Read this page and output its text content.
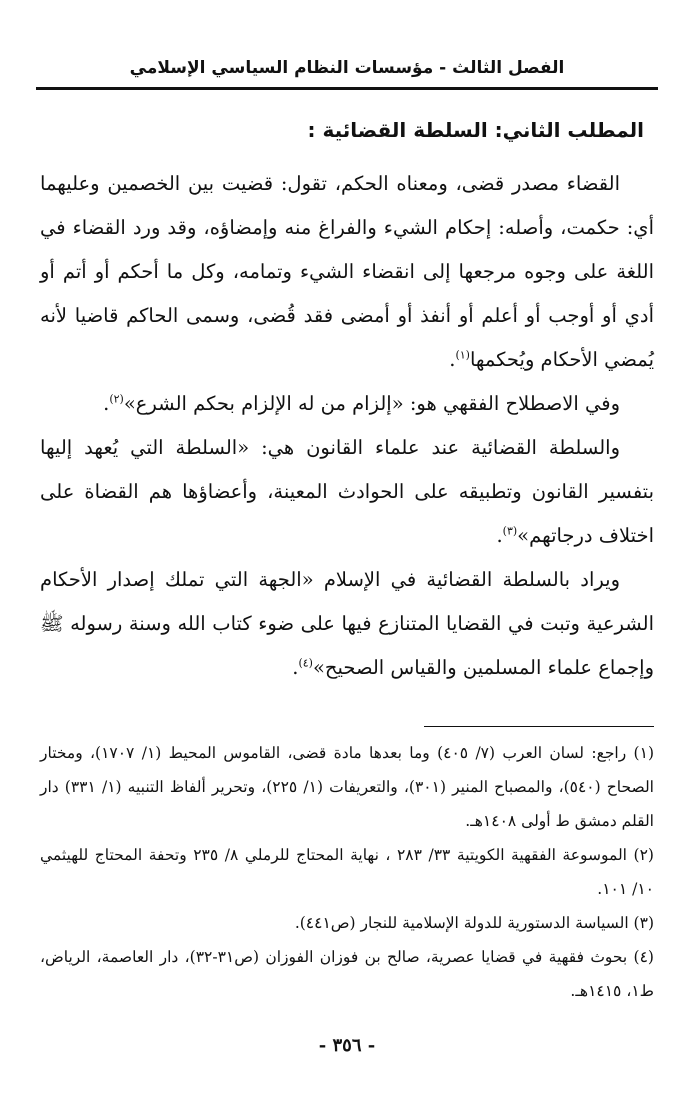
الفصل الثالث - مؤسسات النظام السياسي الإسلامي
المطلب الثاني: السلطة القضائية :

القضاء مصدر قضى، ومعناه الحكم، تقول: قضيت بين الخصمين وعليهما أي: حكمت، وأصله: إحكام الشيء والفراغ منه وإمضاؤه، وقد ورد القضاء في اللغة على وجوه مرجعها إلى انقضاء الشيء وتمامه، وكل ما أحكم أو أتم أو أدي أو أوجب أو أعلم أو أنفذ أو أمضى فقد قُضى، وسمى الحاكم قاضيا لأنه يُمضي الأحكام ويُحكمها$^{(١)}$.

وفي الاصطلاح الفقهي هو: «إلزام من له الإلزام بحكم الشرع»$^{(٢)}$.

والسلطة القضائية عند علماء القانون هي: «السلطة التي يُعهد إليها بتفسير القانون وتطبيقه على الحوادث المعينة، وأعضاؤها هم القضاة على اختلاف درجاتهم»$^{(٣)}$.

ويراد بالسلطة القضائية في الإسلام «الجهة التي تملك إصدار الأحكام الشرعية وتبت في القضايا المتنازع فيها على ضوء كتاب الله وسنة رسوله ﷺ وإجماع علماء المسلمين والقياس الصحيح»$^{(٤)}$.

(١) راجع: لسان العرب (٧/ ٤٠٥) وما بعدها مادة قضى، القاموس المحيط (١/ ١٧٠٧)، ومختار الصحاح (٥٤٠)، والمصباح المنير (٣٠١)، والتعريفات (١/ ٢٢٥)، وتحرير ألفاظ التنبيه (١/ ٣٣١) دار القلم دمشق ط أولى ١٤٠٨هـ.

(٢) الموسوعة الفقهية الكويتية ٣٣/ ٢٨٣ ، نهاية المحتاج للرملي ٨/ ٢٣٥ وتحفة المحتاج للهيثمي ١٠/ ١٠١.

(٣) السياسة الدستورية للدولة الإسلامية للنجار (ص٤٤١).

(٤) بحوث فقهية في قضايا عصرية، صالح بن فوزان الفوزان (ص٣١-٣٢)، دار العاصمة، الرياض، ط١، ١٤١٥هـ.

- ٣٥٦ -
